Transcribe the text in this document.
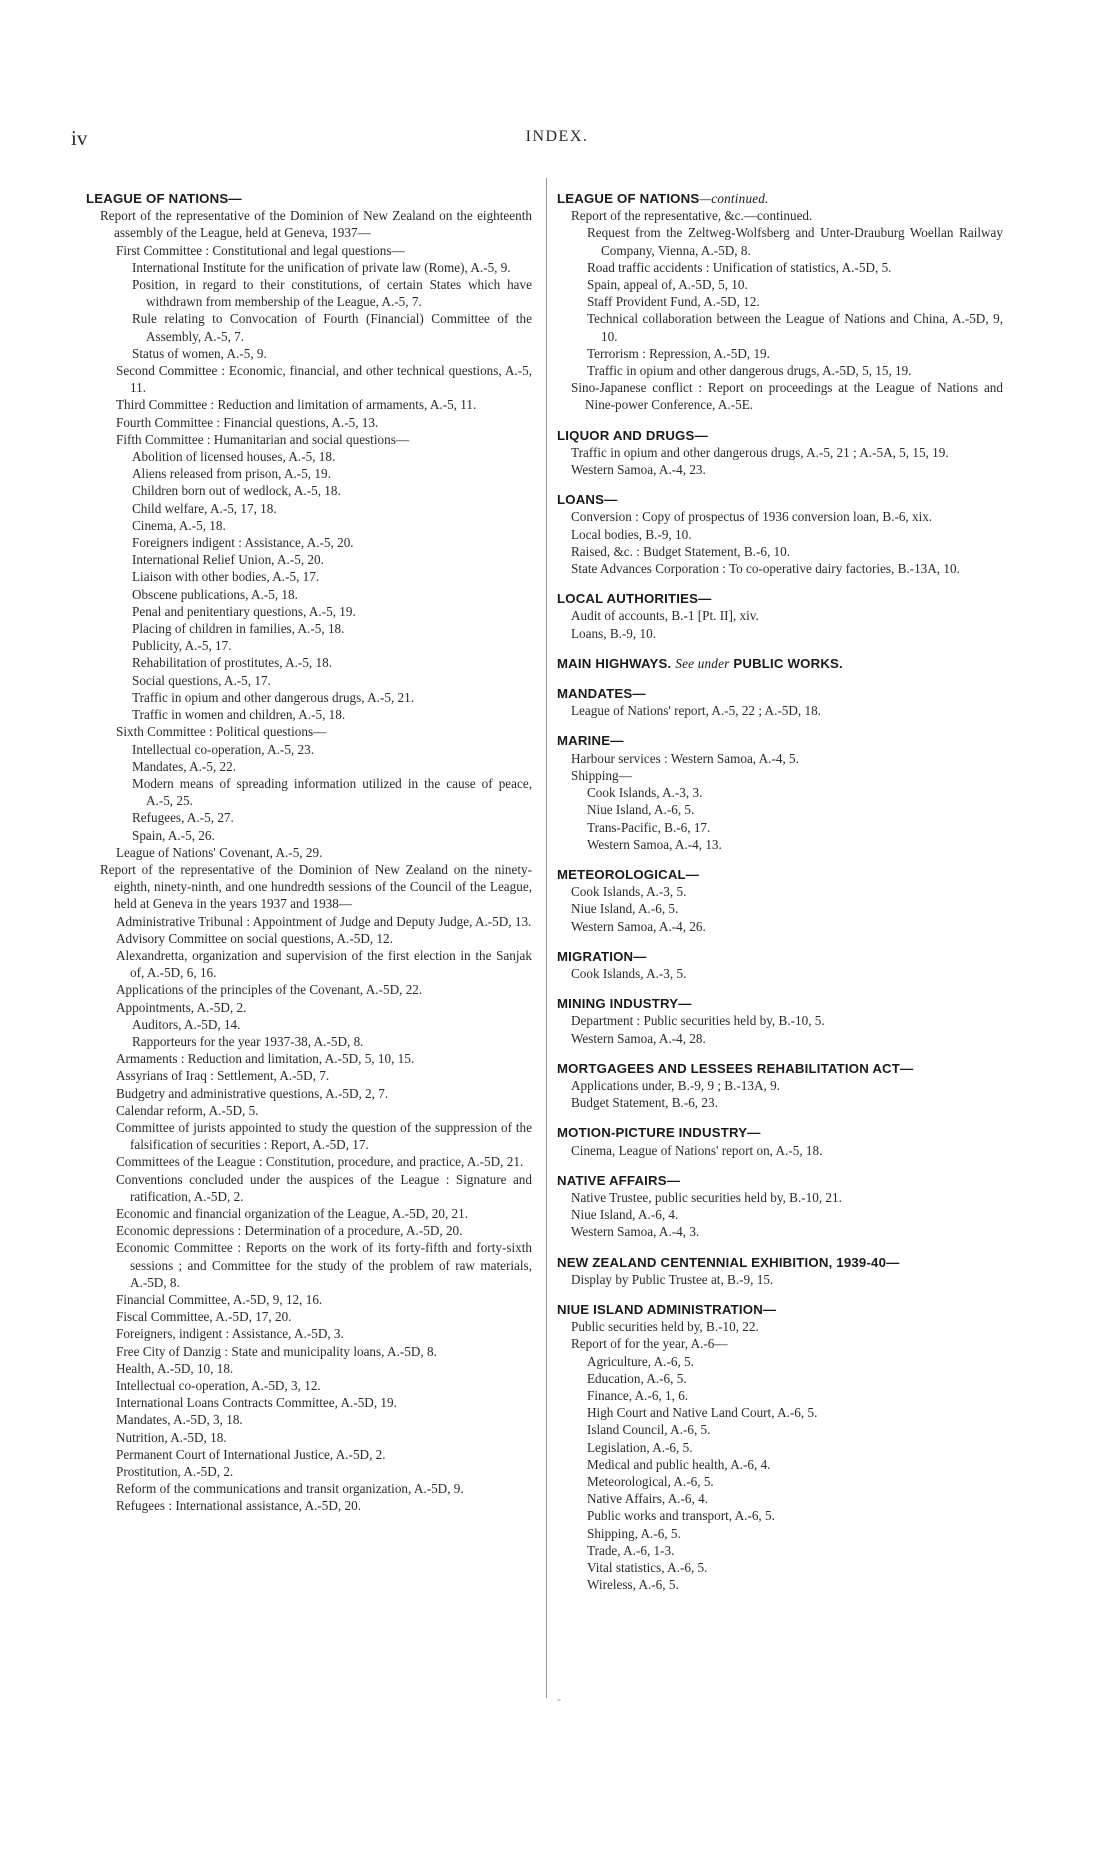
iv	INDEX.
LEAGUE OF NATIONS—
Report of the representative of the Dominion of New Zealand on the eighteenth assembly of the League, held at Geneva, 1937—
First Committee : Constitutional and legal questions—
International Institute for the unification of private law (Rome), A.-5, 9.
Position, in regard to their constitutions, of certain States which have withdrawn from membership of the League, A.-5, 7.
Rule relating to Convocation of Fourth (Financial) Committee of the Assembly, A.-5, 7.
Status of women, A.-5, 9.
Second Committee : Economic, financial, and other technical questions, A.-5, 11.
Third Committee : Reduction and limitation of armaments, A.-5, 11.
Fourth Committee : Financial questions, A.-5, 13.
Fifth Committee : Humanitarian and social questions—
Abolition of licensed houses, A.-5, 18.
Aliens released from prison, A.-5, 19.
Children born out of wedlock, A.-5, 18.
Child welfare, A.-5, 17, 18.
Cinema, A.-5, 18.
Foreigners indigent : Assistance, A.-5, 20.
International Relief Union, A.-5, 20.
Liaison with other bodies, A.-5, 17.
Obscene publications, A.-5, 18.
Penal and penitentiary questions, A.-5, 19.
Placing of children in families, A.-5, 18.
Publicity, A.-5, 17.
Rehabilitation of prostitutes, A.-5, 18.
Social questions, A.-5, 17.
Traffic in opium and other dangerous drugs, A.-5, 21.
Traffic in women and children, A.-5, 18.
Sixth Committee : Political questions—
Intellectual co-operation, A.-5, 23.
Mandates, A.-5, 22.
Modern means of spreading information utilized in the cause of peace, A.-5, 25.
Refugees, A.-5, 27.
Spain, A.-5, 26.
League of Nations' Covenant, A.-5, 29.
Report of the representative of the Dominion of New Zealand on the ninety-eighth, ninety-ninth, and one hundredth sessions of the Council of the League, held at Geneva in the years 1937 and 1938—
Administrative Tribunal : Appointment of Judge and Deputy Judge, A.-5D, 13.
Advisory Committee on social questions, A.-5D, 12.
Alexandretta, organization and supervision of the first election in the Sanjak of, A.-5D, 6, 16.
Applications of the principles of the Covenant, A.-5D, 22.
Appointments, A.-5D, 2.
Auditors, A.-5D, 14.
Rapporteurs for the year 1937-38, A.-5D, 8.
Armaments : Reduction and limitation, A.-5D, 5, 10, 15.
Assyrians of Iraq : Settlement, A.-5D, 7.
Budgetry and administrative questions, A.-5D, 2, 7.
Calendar reform, A.-5D, 5.
Committee of jurists appointed to study the question of the suppression of the falsification of securities : Report, A.-5D, 17.
Committees of the League : Constitution, procedure, and practice, A.-5D, 21.
Conventions concluded under the auspices of the League : Signature and ratification, A.-5D, 2.
Economic and financial organization of the League, A.-5D, 20, 21.
Economic depressions : Determination of a procedure, A.-5D, 20.
Economic Committee : Reports on the work of its forty-fifth and forty-sixth sessions ; and Committee for the study of the problem of raw materials, A.-5D, 8.
Financial Committee, A.-5D, 9, 12, 16.
Fiscal Committee, A.-5D, 17, 20.
Foreigners, indigent : Assistance, A.-5D, 3.
Free City of Danzig : State and municipality loans, A.-5D, 8.
Health, A.-5D, 10, 18.
Intellectual co-operation, A.-5D, 3, 12.
International Loans Contracts Committee, A.-5D, 19.
Mandates, A.-5D, 3, 18.
Nutrition, A.-5D, 18.
Permanent Court of International Justice, A.-5D, 2.
Prostitution, A.-5D, 2.
Reform of the communications and transit organization, A.-5D, 9.
Refugees : International assistance, A.-5D, 20.
LEAGUE OF NATIONS—continued.
Report of the representative, &c.—continued.
Request from the Zeltweg-Wolfsberg and Unter-Drauburg Woellan Railway Company, Vienna, A.-5D, 8.
Road traffic accidents : Unification of statistics, A.-5D, 5.
Spain, appeal of, A.-5D, 5, 10.
Staff Provident Fund, A.-5D, 12.
Technical collaboration between the League of Nations and China, A.-5D, 9, 10.
Terrorism : Repression, A.-5D, 19.
Traffic in opium and other dangerous drugs, A.-5D, 5, 15, 19.
Sino-Japanese conflict : Report on proceedings at the League of Nations and Nine-power Conference, A.-5E.
LIQUOR AND DRUGS—
Traffic in opium and other dangerous drugs, A.-5, 21 ; A.-5A, 5, 15, 19.
Western Samoa, A.-4, 23.
LOANS—
Conversion : Copy of prospectus of 1936 conversion loan, B.-6, xix.
Local bodies, B.-9, 10.
Raised, &c. : Budget Statement, B.-6, 10.
State Advances Corporation : To co-operative dairy factories, B.-13A, 10.
LOCAL AUTHORITIES—
Audit of accounts, B.-1 [Pt. II], xiv.
Loans, B.-9, 10.
MAIN HIGHWAYS. See under PUBLIC WORKS.
MANDATES—
League of Nations' report, A.-5, 22 ; A.-5D, 18.
MARINE—
Harbour services : Western Samoa, A.-4, 5.
Shipping—
Cook Islands, A.-3, 3.
Niue Island, A.-6, 5.
Trans-Pacific, B.-6, 17.
Western Samoa, A.-4, 13.
METEOROLOGICAL—
Cook Islands, A.-3, 5.
Niue Island, A.-6, 5.
Western Samoa, A.-4, 26.
MIGRATION—
Cook Islands, A.-3, 5.
MINING INDUSTRY—
Department : Public securities held by, B.-10, 5.
Western Samoa, A.-4, 28.
MORTGAGEES AND LESSEES REHABILITATION ACT—
Applications under, B.-9, 9 ; B.-13A, 9.
Budget Statement, B.-6, 23.
MOTION-PICTURE INDUSTRY—
Cinema, League of Nations' report on, A.-5, 18.
NATIVE AFFAIRS—
Native Trustee, public securities held by, B.-10, 21.
Niue Island, A.-6, 4.
Western Samoa, A.-4, 3.
NEW ZEALAND CENTENNIAL EXHIBITION, 1939-40—
Display by Public Trustee at, B.-9, 15.
NIUE ISLAND ADMINISTRATION—
Public securities held by, B.-10, 22.
Report of for the year, A.-6—
Agriculture, A.-6, 5.
Education, A.-6, 5.
Finance, A.-6, 1, 6.
High Court and Native Land Court, A.-6, 5.
Island Council, A.-6, 5.
Legislation, A.-6, 5.
Medical and public health, A.-6, 4.
Meteorological, A.-6, 5.
Native Affairs, A.-6, 4.
Public works and transport, A.-6, 5.
Shipping, A.-6, 5.
Trade, A.-6, 1-3.
Vital statistics, A.-6, 5.
Wireless, A.-6, 5.
-
